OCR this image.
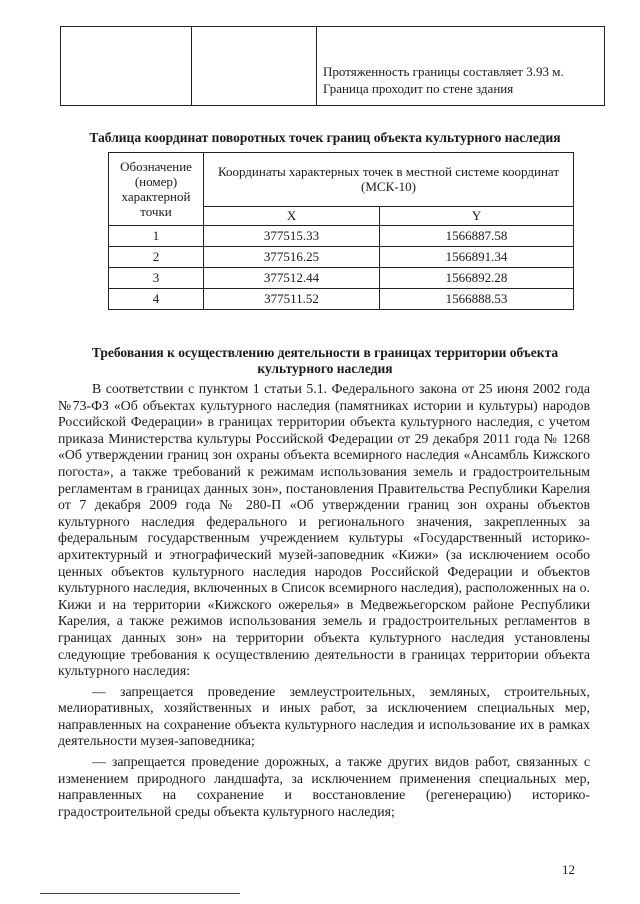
Протяженность границы составляет 3.93 м.
Граница проходит по стене здания
Таблица координат поворотных точек границ объекта культурного наследия
Обозначение (номер) характерной точки	Координаты характерных точек в местной системе координат (МСК-10)	
	X	Y
1	377515.33	1566887.58
2	377516.25	1566891.34
3	377512.44	1566892.28
4	377511.52	1566888.53
Требования к осуществлению деятельности в границах территории объекта культурного наследия

В соответствии с пунктом 1 статьи 5.1. Федерального закона от 25 июня 2002 года №73-ФЗ «Об объектах культурного наследия (памятниках истории и культуры) народов Российской Федерации» в границах территории объекта культурного наследия, с учетом приказа Министерства культуры Российской Федерации от 29 декабря 2011 года № 1268 «Об утверждении границ зон охраны объекта всемирного наследия «Ансамбль Кижского погоста», а также требований к режимам использования земель и градостроительным регламентам в границах данных зон», постановления Правительства Республики Карелия от 7 декабря 2009 года № 280-П «Об утверждении границ зон охраны объектов культурного наследия федерального и регионального значения, закрепленных за федеральным государственным учреждением культуры «Государственный историко-архитектурный и этнографический музей-заповедник «Кижи» (за исключением особо ценных объектов культурного наследия народов Российской Федерации и объектов культурного наследия, включенных в Список всемирного наследия), расположенных на о. Кижи и на территории «Кижского ожерелья» в Медвежьегорском районе Республики Карелия, а также режимов использования земель и градостроительных регламентов в границах данных зон» на территории объекта культурного наследия установлены следующие требования к осуществлению деятельности в границах территории объекта культурного наследия:

— запрещается проведение землеустроительных, земляных, строительных, мелиоративных, хозяйственных и иных работ, за исключением специальных мер, направленных на сохранение объекта культурного наследия и использование их в рамках деятельности музея-заповедника;

— запрещается проведение дорожных, а также других видов работ, связанных с изменением природного ландшафта, за исключением применения специальных мер, направленных на сохранение и восстановление (регенерацию) историко-градостроительной среды объекта культурного наследия;

12
